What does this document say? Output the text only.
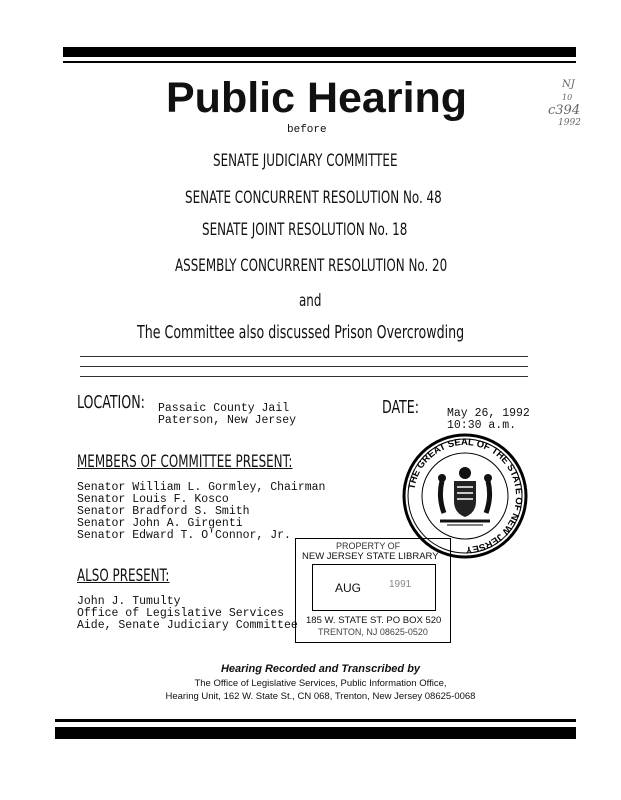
Public Hearing
before
NJ
10
c394
1992
SENATE JUDICIARY COMMITTEE
SENATE CONCURRENT RESOLUTION No. 48
SENATE JOINT RESOLUTION No. 18
ASSEMBLY CONCURRENT RESOLUTION No. 20
and
The Committee also discussed Prison Overcrowding
LOCATION: Passaic County Jail
Paterson, New Jersey
DATE: May 26, 1992
10:30 a.m.
MEMBERS OF COMMITTEE PRESENT:
Senator William L. Gormley, Chairman
Senator Louis F. Kosco
Senator Bradford S. Smith
Senator John A. Girgenti
Senator Edward T. O'Connor, Jr.
ALSO PRESENT:
John J. Tumulty
Office of Legislative Services
Aide, Senate Judiciary Committee
THE GREAT SEAL OF THE STATE OF NEW JERSEY
PROPERTY OF
NEW JERSEY STATE LIBRARY
AUG	1991
185 W. STATE ST. PO BOX 520
TRENTON, NJ 08625-0520
Hearing Recorded and Transcribed by
The Office of Legislative Services, Public Information Office,
Hearing Unit, 162 W. State St., CN 068, Trenton, New Jersey 08625-0068
